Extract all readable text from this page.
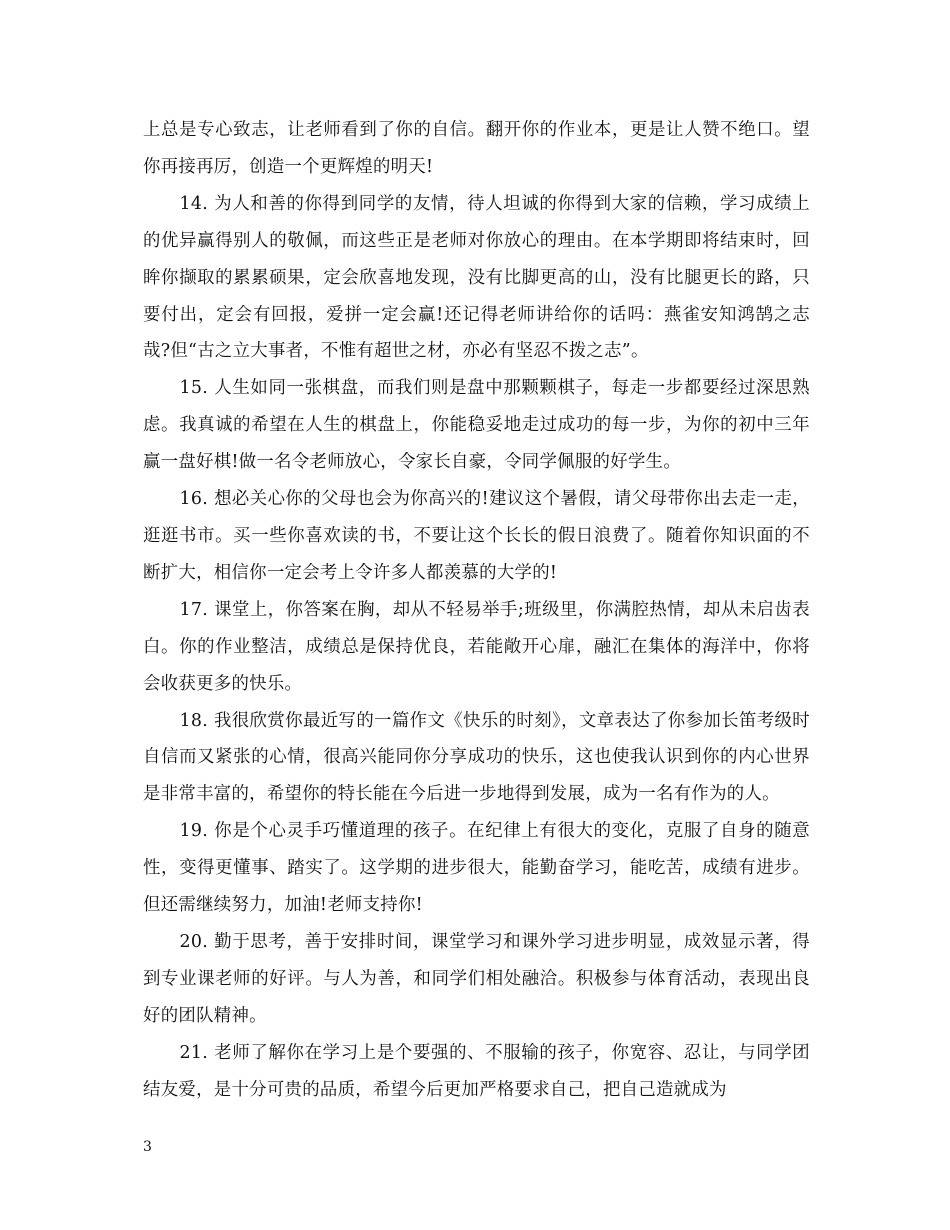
上总是专心致志，让老师看到了你的自信。翻开你的作业本，更是让人赞不绝口。望你再接再厉，创造一个更辉煌的明天!

14. 为人和善的你得到同学的友情，待人坦诚的你得到大家的信赖，学习成绩上的优异赢得别人的敬佩，而这些正是老师对你放心的理由。在本学期即将结束时，回眸你撷取的累累硕果，定会欣喜地发现，没有比脚更高的山，没有比腿更长的路，只要付出，定会有回报，爱拼一定会赢!还记得老师讲给你的话吗：燕雀安知鸿鹄之志哉?但“古之立大事者，不惟有超世之材，亦必有坚忍不拨之志”。

15. 人生如同一张棋盘，而我们则是盘中那颗颗棋子，每走一步都要经过深思熟虑。我真诚的希望在人生的棋盘上，你能稳妥地走过成功的每一步，为你的初中三年赢一盘好棋!做一名令老师放心，令家长自豪，令同学佩服的好学生。

16. 想必关心你的父母也会为你高兴的!建议这个暑假，请父母带你出去走一走，逛逛书市。买一些你喜欢读的书，不要让这个长长的假日浪费了。随着你知识面的不断扩大，相信你一定会考上令许多人都羡慕的大学的!

17. 课堂上，你答案在胸，却从不轻易举手;班级里，你满腔热情，却从未启齿表白。你的作业整洁，成绩总是保持优良，若能敞开心扉，融汇在集体的海洋中，你将会收获更多的快乐。

18. 我很欣赏你最近写的一篇作文《快乐的时刻》，文章表达了你参加长笛考级时自信而又紧张的心情，很高兴能同你分享成功的快乐，这也使我认识到你的内心世界是非常丰富的，希望你的特长能在今后进一步地得到发展，成为一名有作为的人。

19. 你是个心灵手巧懂道理的孩子。在纪律上有很大的变化，克服了自身的随意性，变得更懂事、踏实了。这学期的进步很大，能勤奋学习，能吃苦，成绩有进步。但还需继续努力，加油!老师支持你!

20. 勤于思考，善于安排时间，课堂学习和课外学习进步明显，成效显示著，得到专业课老师的好评。与人为善，和同学们相处融洽。积极参与体育活动，表现出良好的团队精神。

21. 老师了解你在学习上是个要强的、不服输的孩子，你宽容、忍让，与同学团结友爱，是十分可贵的品质，希望今后更加严格要求自己，把自己造就成为

3
